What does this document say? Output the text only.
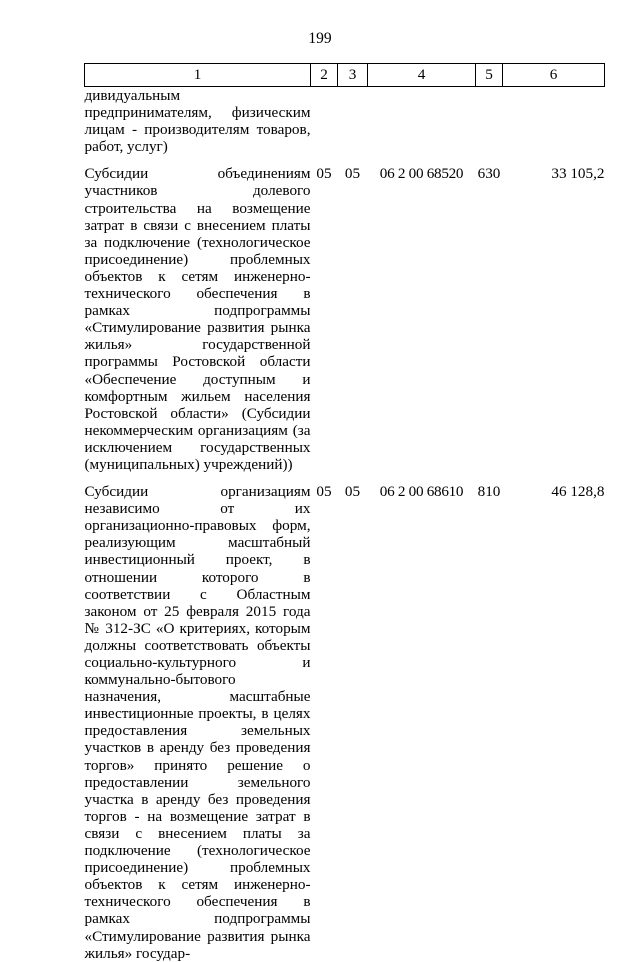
199
1	2	3	4	5	6
дивидуальным предпринимателям, физическим лицам - производителям товаров, работ, услуг)					

Субсидии объединениям участников долевого строительства на возмещение затрат в связи с внесением платы за подключение (технологическое присоединение) проблемных объектов к сетям инженерно-технического обеспечения в рамках подпрограммы «Стимулирование развития рынка жилья» государственной программы Ростовской области «Обеспечение доступным и комфортным жильем населения Ростовской области» (Субсидии некоммерческим организациям (за исключением государственных (муниципальных) учреждений))	05	05	06 2 00 68520	630	33 105,2

Субсидии организациям независимо от их организационно-правовых форм, реализующим масштабный инвестиционный проект, в отношении которого в соответствии с Областным законом от 25 февраля 2015 года № 312-ЗС «О критериях, которым должны соответствовать объекты социально-культурного и коммунально-бытового назначения, масштабные инвестиционные проекты, в целях предоставления земельных участков в аренду без проведения торгов» принято решение о предоставлении земельного участка в аренду без проведения торгов - на возмещение затрат в связи с внесением платы за подключение (технологическое присоединение) проблемных объектов к сетям инженерно-технического обеспечения в рамках подпрограммы «Стимулирование развития рынка жилья» государ-	05	05	06 2 00 68610	810	46 128,8
